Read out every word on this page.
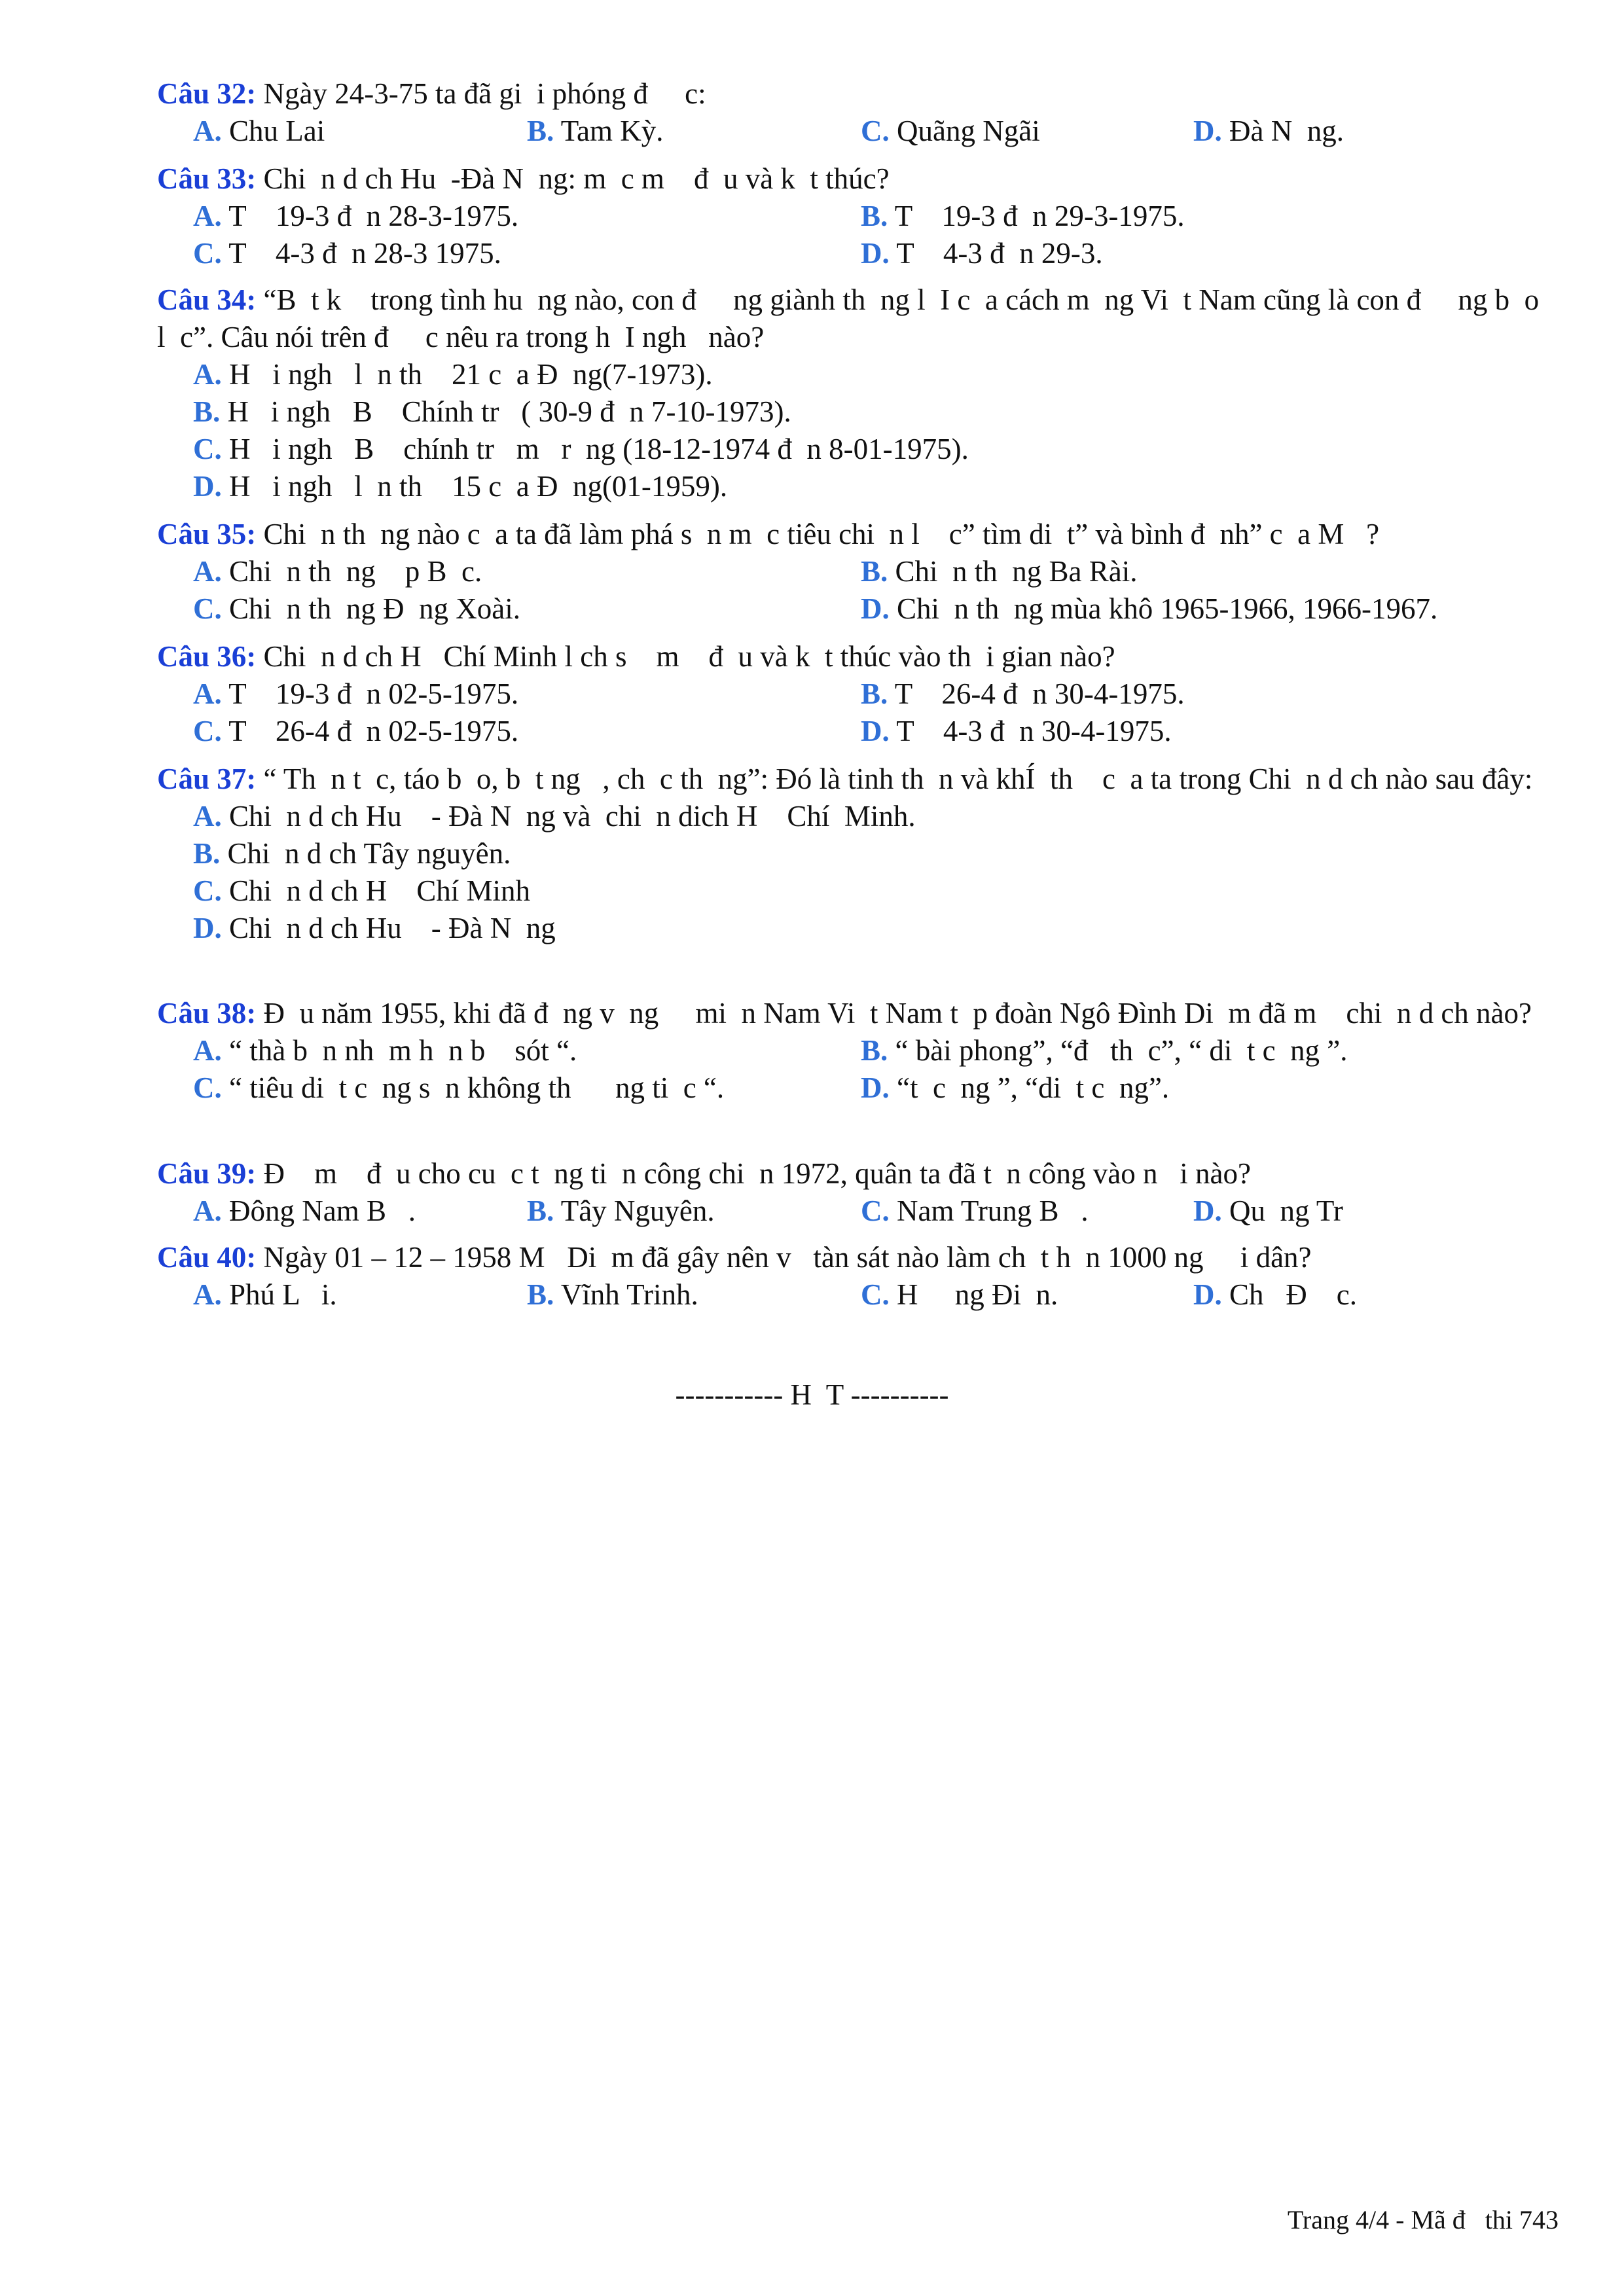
Câu 32: Ngày 24-3-75 ta đã gi  i phóng đ     c:
A. Chu Lai	B. Tam Kỳ.	C. Quãng Ngãi	D. Đà N  ng.
Câu 33: Chi  n d ch Hu  -Đà N  ng: m  c m    đ  u và k  t thúc?
A. T    19-3 đ  n 28-3-1975.	B. T    19-3 đ  n 29-3-1975.
C. T    4-3 đ  n 28-3 1975.	D. T    4-3 đ  n 29-3.
Câu 34: “B  t k    trong tình hu  ng nào, con đ     ng giành th  ng l  I c  a cách m  ng Vi  t Nam cũng là con đ     ng b  o l  c”. Câu nói trên đ     c nêu ra trong h  I ngh   nào?
A. H   i ngh   l  n th    21 c  a Đ  ng(7-1973).
B. H   i ngh   B    Chính tr   ( 30-9 đ  n 7-10-1973).
C. H   i ngh   B    chính tr   m   r  ng (18-12-1974 đ  n 8-01-1975).
D. H   i ngh   l  n th    15 c  a Đ  ng(01-1959).
Câu 35: Chi  n th  ng nào c  a ta đã làm phá s  n m  c tiêu chi  n l    c” tìm di  t” và bình đ  nh” c  a M   ?
A. Chi  n th  ng    p B  c.	B. Chi  n th  ng Ba Rài.
C. Chi  n th  ng Đ  ng Xoài.	D. Chi  n th  ng mùa khô 1965-1966, 1966-1967.
Câu 36: Chi  n d ch H   Chí Minh l ch s    m    đ  u và k  t thúc vào th  i gian nào?
A. T    19-3 đ  n 02-5-1975.	B. T    26-4 đ  n 30-4-1975.
C. T    26-4 đ  n 02-5-1975.	D. T    4-3 đ  n 30-4-1975.
Câu 37: “ Th  n t  c, táo b  o, b  t ng   , ch  c th  ng”: Đó là tinh th  n và khÍ  th    c  a ta trong Chi  n d ch nào sau đây:
A. Chi  n d ch Hu    - Đà N  ng và  chi  n dich H    Chí  Minh.
B. Chi  n d ch Tây nguyên.
C. Chi  n d ch H    Chí Minh
D. Chi  n d ch Hu    - Đà N  ng
Câu 38: Đ  u năm 1955, khi đã đ  ng v  ng     mi  n Nam Vi  t Nam t  p đoàn Ngô Đình Di  m đã m    chi  n d ch nào?
A. “ thà b  n nh  m h  n b    sót “.	B. “ bài phong”, “đ   th  c”, “ di  t c  ng ”.
C. “ tiêu di  t c  ng s  n không th      ng ti  c “.	D. “t  c  ng ”, “di  t c  ng”.
Câu 39: Đ    m    đ  u cho cu  c t  ng ti  n công chi  n 1972, quân ta đã t  n công vào n   i nào?
A. Đông Nam B   .	B. Tây Nguyên.	C. Nam Trung B   .	D. Qu  ng Tr
Câu 40: Ngày 01 – 12 – 1958 M   Di  m đã gây nên v   tàn sát nào làm ch  t h  n 1000 ng     i dân?
A. Phú L   i.	B. Vĩnh Trinh.	C. H     ng Đi  n.	D. Ch   Đ    c.
----------- H  T ----------
Trang 4/4 - Mã đ   thi 743
